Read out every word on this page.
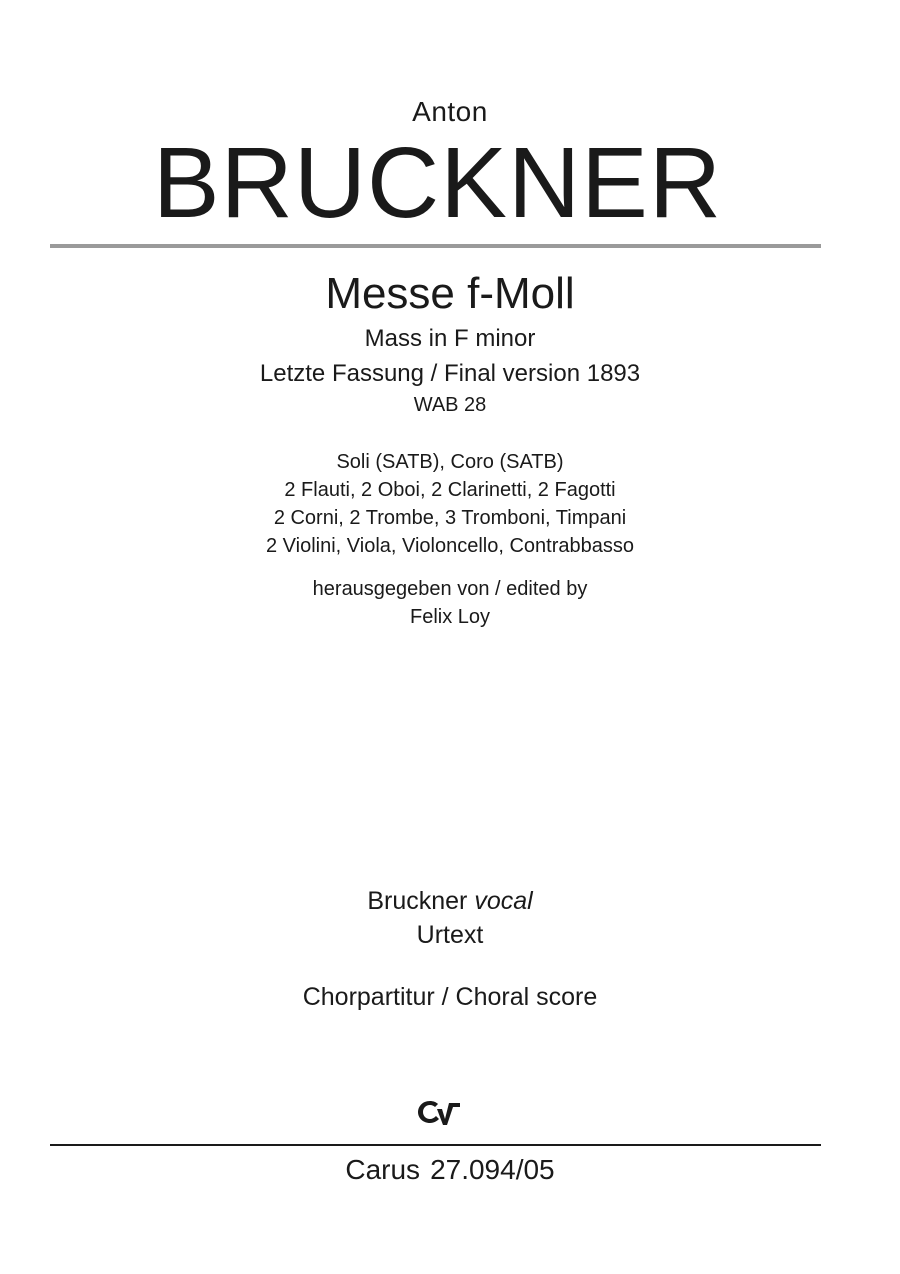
Anton
BRUCKNER
Messe f-Moll
Mass in F minor
Letzte Fassung / Final version 1893
WAB 28
Soli (SATB), Coro (SATB)
2 Flauti, 2 Oboi, 2 Clarinetti, 2 Fagotti
2 Corni, 2 Trombe, 3 Tromboni, Timpani
2 Violini, Viola, Violoncello, Contrabbasso
herausgegeben von / edited by
Felix Loy
Bruckner vocal
Urtext
Chorpartitur / Choral score
Carus 27.094/05
